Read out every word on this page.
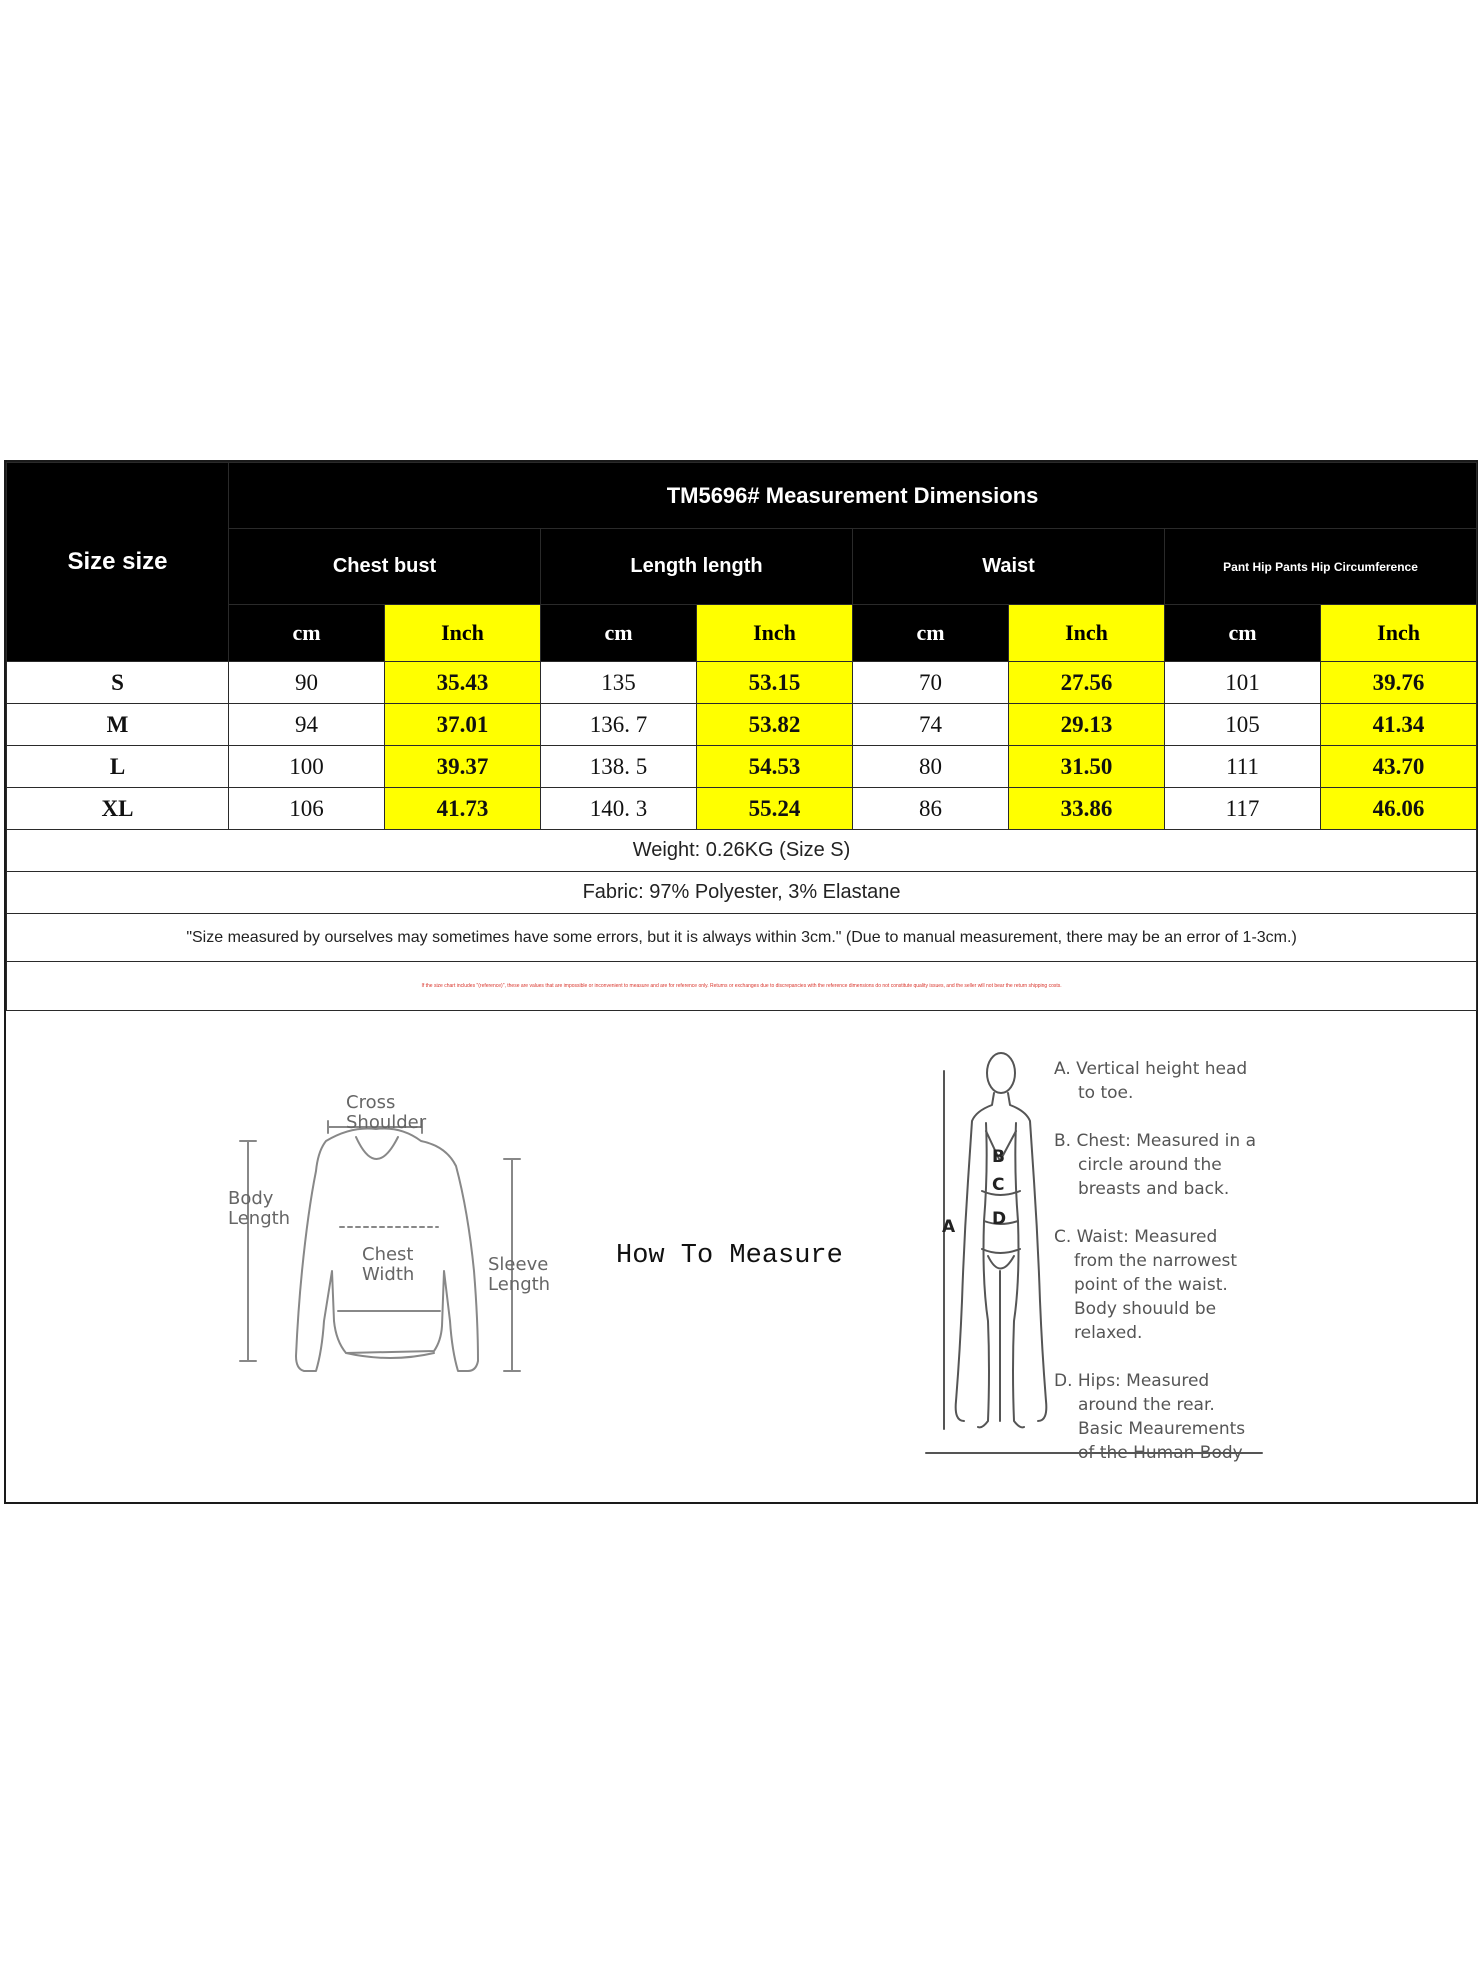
Size size	TM5696# Measurement Dimensions							
	Chest bust		Length length		Waist		Pant Hip Pants Hip Circumference	
	cm	Inch	cm	Inch	cm	Inch	cm	Inch
S	90	35.43	135	53.15	70	27.56	101	39.76
M	94	37.01	136. 7	53.82	74	29.13	105	41.34
L	100	39.37	138. 5	54.53	80	31.50	111	43.70
XL	106	41.73	140. 3	55.24	86	33.86	117	46.06
Weight: 0.26KG (Size S)								
Fabric: 97% Polyester, 3% Elastane								
"Size measured by ourselves may sometimes have some errors, but it is always within 3cm." (Due to manual measurement, there may be an error of 1-3cm.)								
If the size chart includes "(reference)", these are values that are impossible or inconvenient to measure and are for reference only. Returns or exchanges due to discrepancies with the reference dimensions do not constitute quality issues, and the seller will not bear the return shipping costs.								
Cross
Shoulder
Body
Length
Chest
Width	Sleeve
Length
How To Measure
B
C
A D
A. Vertical height head
to toe.
B. Chest: Measured in a
circle around the
breasts and back.
C. Waist: Measured
from the narrowest
point of the waist.
Body shouuld be
relaxed.
D. Hips: Measured
around the rear.
Basic Meaurements
of the Human Body
